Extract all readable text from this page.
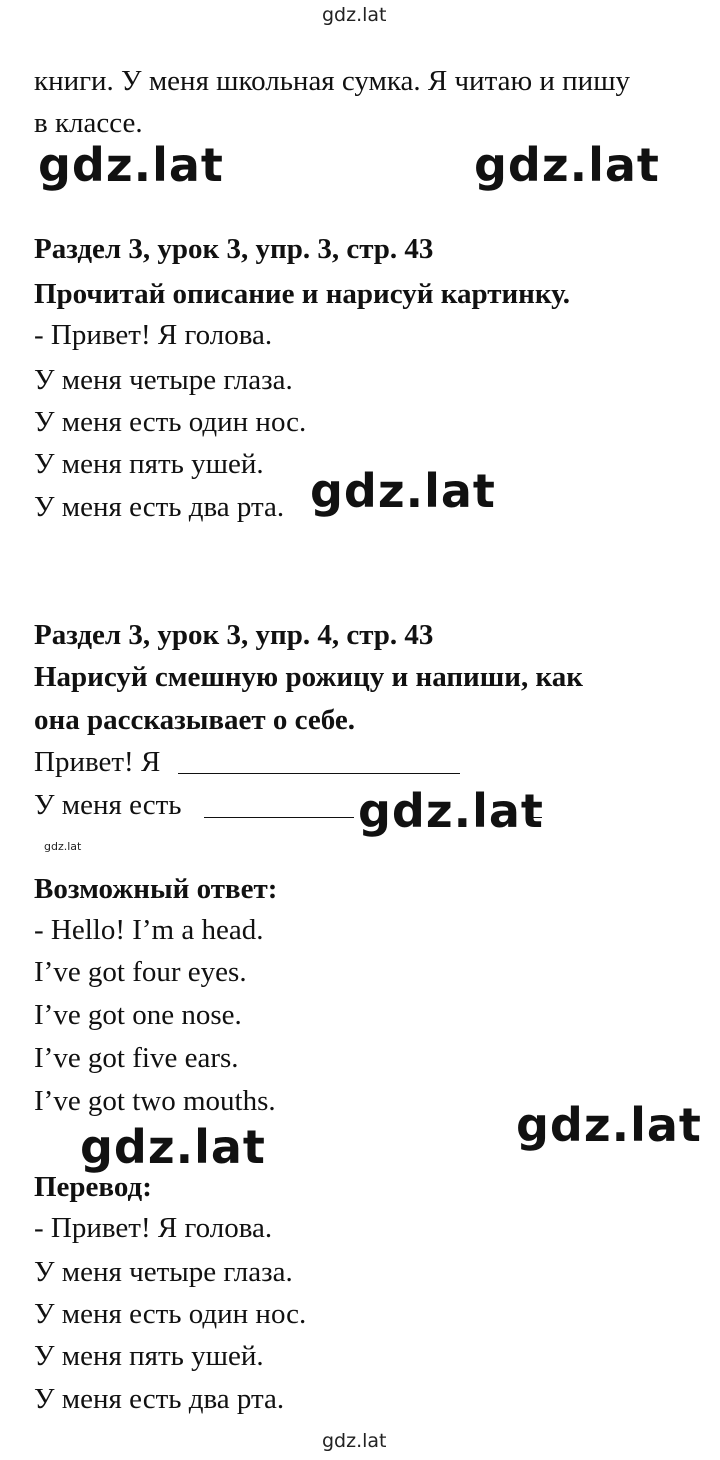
gdz.lat
книги. У меня школьная сумка. Я читаю и пишу
в классе.
gdz.lat	gdz.lat
Раздел 3, урок 3, упр. 3, стр. 43
Прочитай описание и нарисуй картинку.
- Привет! Я голова.
У меня четыре глаза.
У меня есть один нос.
У меня пять ушей.
У меня есть два рта. gdz.lat
Раздел 3, урок 3, упр. 4, стр. 43
Нарисуй смешную рожицу и напиши, как
она рассказывает о себе.
Привет! Я
У меня есть	gdz.lat
gdz.lat
Возможный ответ:
- Hello! I’m a head.
I’ve got four eyes.
I’ve got one nose.
I’ve got five ears.
I’ve got two mouths.	gdz.lat
gdz.lat
Перевод:
- Привет! Я голова.
У меня четыре глаза.
У меня есть один нос.
У меня пять ушей.
У меня есть два рта.
gdz.lat
